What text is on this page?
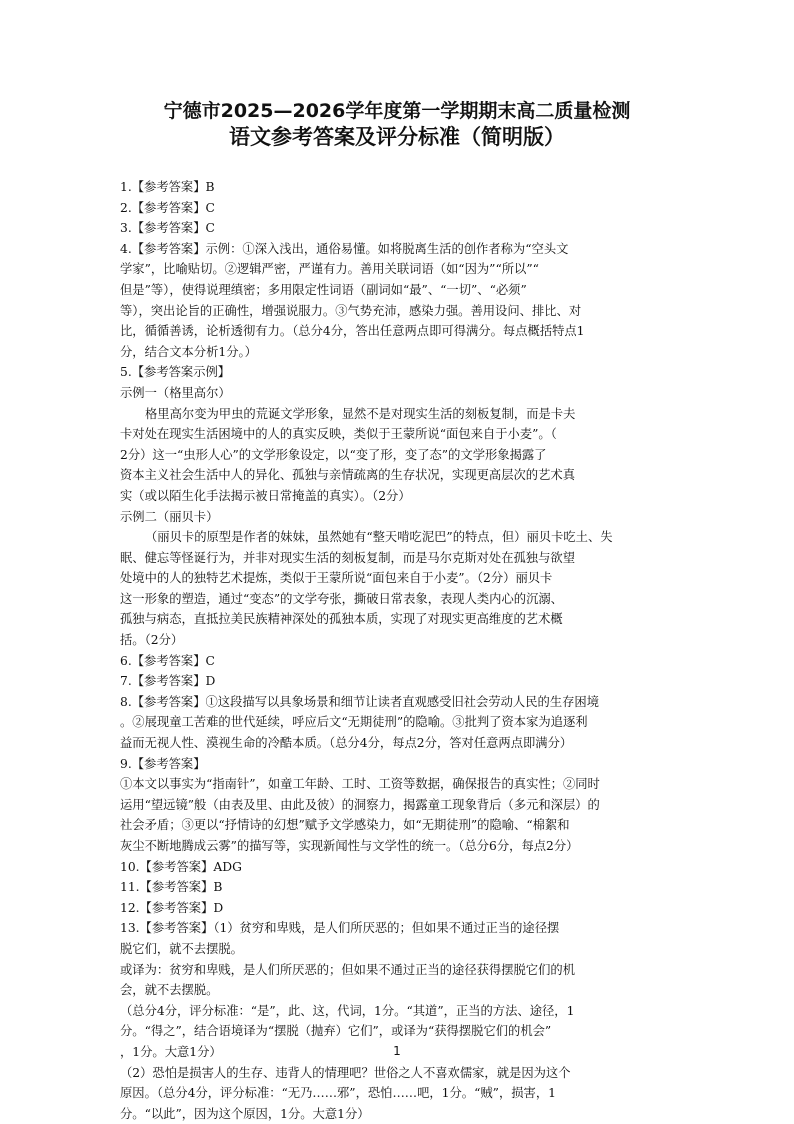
宁德市2025—2026学年度第一学期期末高二质量检测
语文参考答案及评分标准（简明版）
1.【参考答案】B
2.【参考答案】C
3.【参考答案】C
4.【参考答案】示例：①深入浅出，通俗易懂。如将脱离生活的创作者称为“空头文
学家”，比喻贴切。②逻辑严密，严谨有力。善用关联词语（如“因为”“所以”“
但是”等），使得说理缜密；多用限定性词语（副词如“最”、“一切”、“必须”
等），突出论旨的正确性，增强说服力。③气势充沛，感染力强。善用设问、排比、对
比，循循善诱，论析透彻有力。（总分4分，答出任意两点即可得满分。每点概括特点1
分，结合文本分析1分。）
5.【参考答案示例】
示例一（格里高尔）
格里高尔变为甲虫的荒诞文学形象，显然不是对现实生活的刻板复制，而是卡夫
卡对处在现实生活困境中的人的真实反映，类似于王蒙所说“面包来自于小麦”。（
2分）这一“虫形人心”的文学形象设定，以“变了形，变了态”的文学形象揭露了
资本主义社会生活中人的异化、孤独与亲情疏离的生存状况，实现更高层次的艺术真
实（或以陌生化手法揭示被日常掩盖的真实）。（2分）
示例二（丽贝卡）
（丽贝卡的原型是作者的妹妹，虽然她有“整天啃吃泥巴”的特点，但）丽贝卡吃土、失
眠、健忘等怪诞行为，并非对现实生活的刻板复制，而是马尔克斯对处在孤独与欲望
处境中的人的独特艺术提炼，类似于王蒙所说“面包来自于小麦”。（2分）丽贝卡
这一形象的塑造，通过“变态”的文学夸张，撕破日常表象，表现人类内心的沉溺、
孤独与病态，直抵拉美民族精神深处的孤独本质，实现了对现实更高维度的艺术概
括。（2分）
6.【参考答案】C
7.【参考答案】D
8.【参考答案】①这段描写以具象场景和细节让读者直观感受旧社会劳动人民的生存困境
。②展现童工苦难的世代延续，呼应后文“无期徒刑”的隐喻。③批判了资本家为追逐利
益而无视人性、漠视生命的冷酷本质。（总分4分，每点2分，答对任意两点即满分）
9.【参考答案】
①本文以事实为“指南针”，如童工年龄、工时、工资等数据，确保报告的真实性；②同时
运用“望远镜”般（由表及里、由此及彼）的洞察力，揭露童工现象背后（多元和深层）的
社会矛盾；③更以“抒情诗的幻想”赋予文学感染力，如“无期徒刑”的隐喻、“棉絮和
灰尘不断地腾成云雾”的描写等，实现新闻性与文学性的统一。（总分6分，每点2分）
10.【参考答案】ADG
11.【参考答案】B
12.【参考答案】D
13.【参考答案】（1）贫穷和卑贱，是人们所厌恶的；但如果不通过正当的途径摆
脱它们，就不去摆脱。
或译为：贫穷和卑贱，是人们所厌恶的；但如果不通过正当的途径获得摆脱它们的机
会，就不去摆脱。
（总分4分，评分标准：“是”，此、这，代词，1分。“其道”，正当的方法、途径，1
分。“得之”，结合语境译为“摆脱（抛弃）它们”，或译为“获得摆脱它们的机会”
，1分。大意1分）
（2）恐怕是损害人的生存、违背人的情理吧？世俗之人不喜欢儒家，就是因为这个
原因。（总分4分，评分标准：“无乃……邪”，恐怕……吧，1分。“贼”，损害，1
分。“以此”，因为这个原因，1分。大意1分）
1
